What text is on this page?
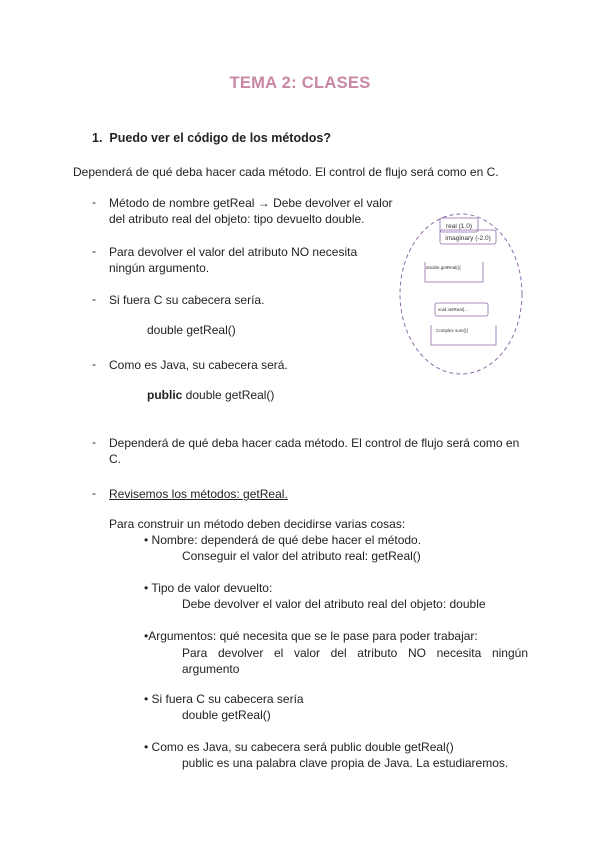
TEMA 2: CLASES
1. Puedo ver el código de los métodos?
Dependerá de qué deba hacer cada método. El control de flujo será como en C.
- Método de nombre getReal → Debe devolver el valor
del atributo real del objeto: tipo devuelto double.
- Para devolver el valor del atributo NO necesita
ningún argumento.
- Si fuera C su cabecera sería.
double getReal()
- Como es Java, su cabecera será.
public double getReal()
- Dependerá de qué deba hacer cada método. El control de flujo será como en
C.
- Revisemos los métodos: getReal.
Para construir un método deben decidirse varias cosas:
• Nombre: dependerá de qué debe hacer el método.
Conseguir el valor del atributo real: getReal()
• Tipo de valor devuelto:
Debe devolver el valor del atributo real del objeto: double
•Argumentos: qué necesita que se le pase para poder trabajar:
Para devolver el valor del atributo NO necesita ningún argumento
• Si fuera C su cabecera sería
double getReal()
• Como es Java, su cabecera será public double getReal()
public es una palabra clave propia de Java. La estudiaremos.
real (1.0)
imaginary (-2.0)
double getReal(){
void setReal(...
Complex sum(){
